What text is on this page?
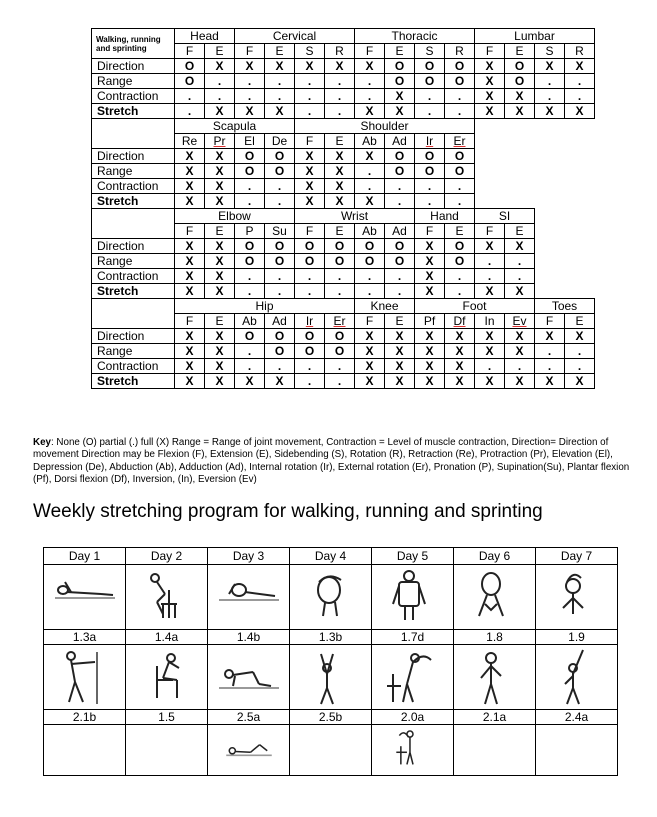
Walking, running and sprinting	Head		Cervical				Thoracic				Lumbar			
	F	E	F	E	S	R	F	E	S	R	F	E	S	R
Direction	O	X	X	X	X	X	X	O	O	O	X	O	X	X
Range	O	.	.	.	.	.	.	O	O	O	X	O	.	.
Contraction	.	.	.	.	.	.	.	X	.	.	X	X	.	.
Stretch	.	X	X	X	.	.	X	X	.	.	X	X	X	X
	Scapula				Shoulder									
	Re	Pr	El	De	F	E	Ab	Ad	Ir	Er				
Direction	X	X	O	O	X	X	X	O	O	O				
Range	X	X	O	O	X	X	.	O	O	O				
Contraction	X	X	.	.	X	X	.	.	.	.				
Stretch	X	X	.	.	X	X	X	.	.	.				
	Elbow				Wrist				Hand		SI			
	F	E	P	Su	F	E	Ab	Ad	F	E	F	E		
Direction	X	X	O	O	O	O	O	O	X	O	X	X		
Range	X	X	O	O	O	O	O	O	X	O	.	.		
Contraction	X	X	.	.	.	.	.	.	X	.	.	.		
Stretch	X	X	.	.	.	.	.	.	X	.	X	X		
	Hip						Knee		Foot				Toes	
	F	E	Ab	Ad	Ir	Er	F	E	Pf	Df	In	Ev	F	E
Direction	X	X	O	O	O	O	X	X	X	X	X	X	X	X
Range	X	X	.	O	O	O	X	X	X	X	X	X	.	.
Contraction	X	X	.	.	.	.	X	X	X	X	.	.	.	.
Stretch	X	X	X	X	.	.	X	X	X	X	X	X	X	X
Key: None (O) partial (.) full (X) Range = Range of joint movement, Contraction = Level of muscle contraction, Direction= Direction of movement Direction may be Flexion (F), Extension (E), Sidebending (S), Rotation (R), Retraction (Re), Protraction (Pr), Elevation (El), Depression (De), Abduction (Ab), Adduction (Ad), Internal rotation (Ir), External rotation (Er), Pronation (P), Supination(Su), Plantar flexion (Pf), Dorsi flexion (Df), Inversion, (In), Eversion (Ev)
Weekly stretching program for walking, running and sprinting
Day 1	Day 2	Day 3	Day 4	Day 5	Day 6	Day 7

1.3a	1.4a	1.4b	1.3b	1.7d	1.8	1.9

2.1b	1.5	2.5a	2.5b	2.0a	2.1a	2.4a
